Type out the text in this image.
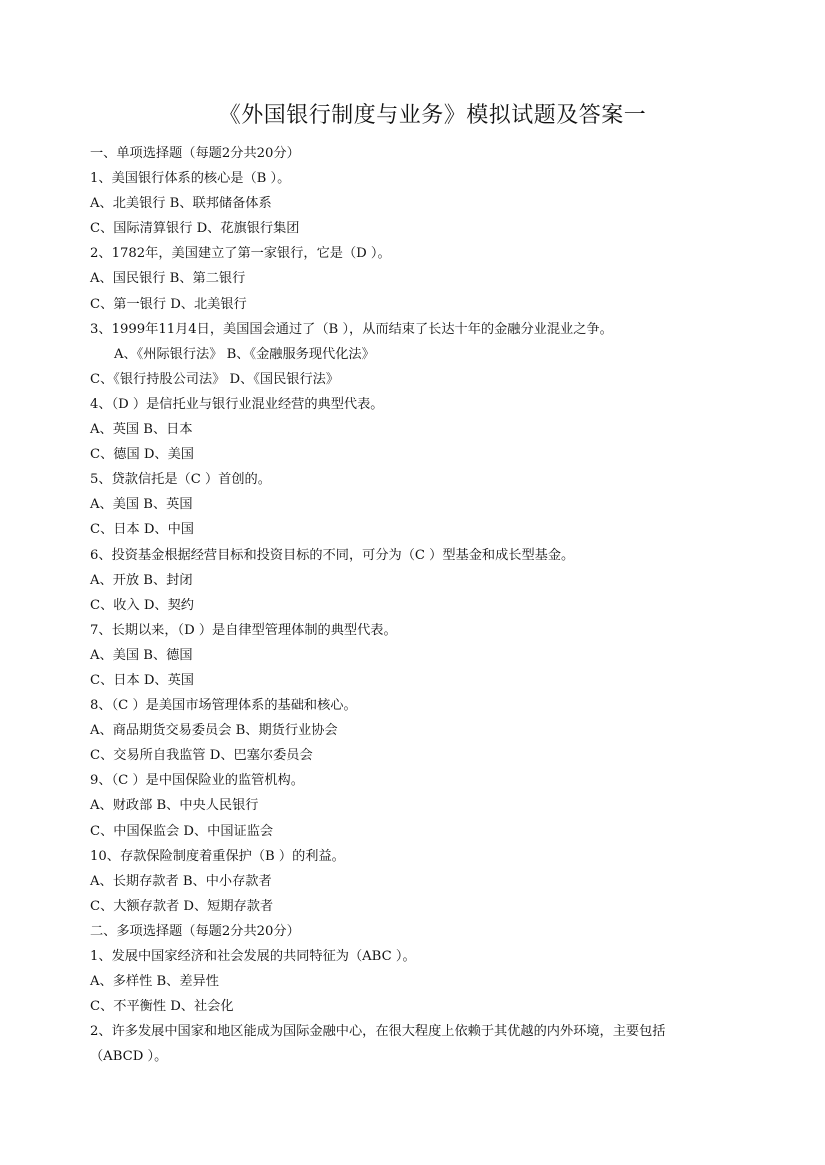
《外国银行制度与业务》模拟试题及答案一
一、单项选择题（每题2分共20分）
1、美国银行体系的核心是（B ）。
A、北美银行 B、联邦储备体系
C、国际清算银行 D、花旗银行集团
2、1782年，美国建立了第一家银行，它是（D ）。
A、国民银行 B、第二银行
C、第一银行 D、北美银行
3、1999年11月4日，美国国会通过了（B ），从而结束了长达十年的金融分业混业之争。
A、《州际银行法》 B、《金融服务现代化法》
C、《银行持股公司法》 D、《国民银行法》
4、（D ）是信托业与银行业混业经营的典型代表。
A、英国 B、日本
C、德国 D、美国
5、贷款信托是（C ）首创的。
A、美国 B、英国
C、日本 D、中国
6、投资基金根据经营目标和投资目标的不同，可分为（C ）型基金和成长型基金。
A、开放 B、封闭
C、收入 D、契约
7、长期以来，（D ）是自律型管理体制的典型代表。
A、美国 B、德国
C、日本 D、英国
8、（C ）是美国市场管理体系的基础和核心。
A、商品期货交易委员会 B、期货行业协会
C、交易所自我监管 D、巴塞尔委员会
9、（C ）是中国保险业的监管机构。
A、财政部 B、中央人民银行
C、中国保监会 D、中国证监会
10、存款保险制度着重保护（B ）的利益。
A、长期存款者 B、中小存款者
C、大额存款者 D、短期存款者
二、多项选择题（每题2分共20分）
1、发展中国家经济和社会发展的共同特征为（ABC ）。
A、多样性 B、差异性
C、不平衡性 D、社会化
2、许多发展中国家和地区能成为国际金融中心，在很大程度上依赖于其优越的内外环境，主要包括
（ABCD ）。
